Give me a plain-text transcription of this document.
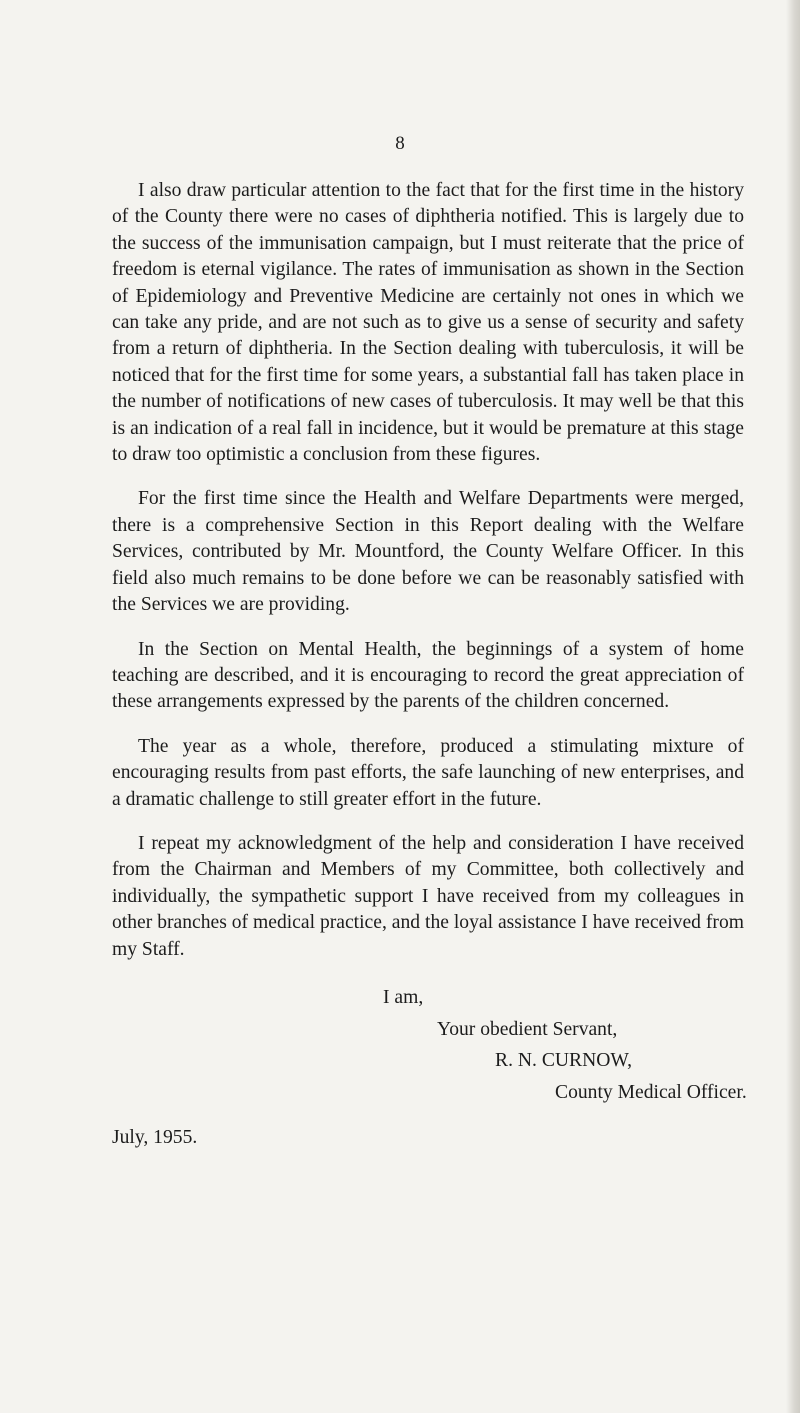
8

I also draw particular attention to the fact that for the first time in the history of the County there were no cases of diphtheria notified. This is largely due to the success of the immunisation campaign, but I must reiterate that the price of freedom is eternal vigilance. The rates of immunisation as shown in the Section of Epidemiology and Preventive Medicine are certainly not ones in which we can take any pride, and are not such as to give us a sense of security and safety from a return of diphtheria. In the Section dealing with tuberculosis, it will be noticed that for the first time for some years, a substantial fall has taken place in the number of notifications of new cases of tuberculosis. It may well be that this is an indication of a real fall in incidence, but it would be premature at this stage to draw too optimistic a conclusion from these figures.

For the first time since the Health and Welfare Departments were merged, there is a comprehensive Section in this Report dealing with the Welfare Services, contributed by Mr. Mountford, the County Welfare Officer. In this field also much remains to be done before we can be reasonably satisfied with the Services we are providing.

In the Section on Mental Health, the beginnings of a system of home teaching are described, and it is encouraging to record the great appreciation of these arrangements expressed by the parents of the children concerned.

The year as a whole, therefore, produced a stimulating mixture of encouraging results from past efforts, the safe launching of new enterprises, and a dramatic challenge to still greater effort in the future.

I repeat my acknowledgment of the help and consideration I have received from the Chairman and Members of my Committee, both collectively and individually, the sympathetic support I have received from my colleagues in other branches of medical practice, and the loyal assistance I have received from my Staff.

I am,
Your obedient Servant,
R. N. CURNOW,
County Medical Officer.
July, 1955.
